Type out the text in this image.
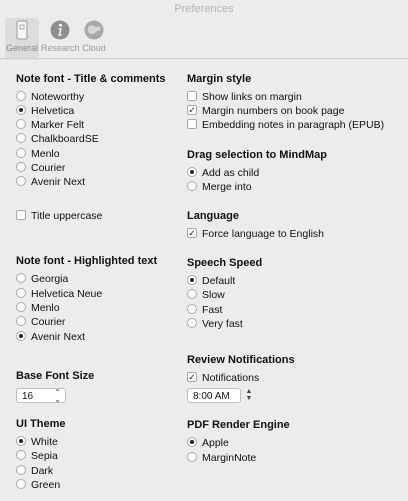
Preferences
General Research Cloud
Note font - Title & comments
Noteworthy
Helvetica
Marker Felt
ChalkboardSE
Menlo
Courier
Avenir Next
Title uppercase
Note font - Highlighted text
Georgia
Helvetica Neue
Menlo
Courier
Avenir Next
Base Font Size
16	⌃
⌄
UI Theme
White
Sepia
Dark
Green
Margin style
Show links on margin
✓ Margin numbers on book page
Embedding notes in paragraph (EPUB)
Drag selection to MindMap
Add as child
Merge into
Language
✓ Force language to English
Speech Speed
Default
Slow
Fast
Very fast
Review Notifications
✓ Notifications
8:00 AM	▲
▼
PDF Render Engine
Apple
MarginNote
